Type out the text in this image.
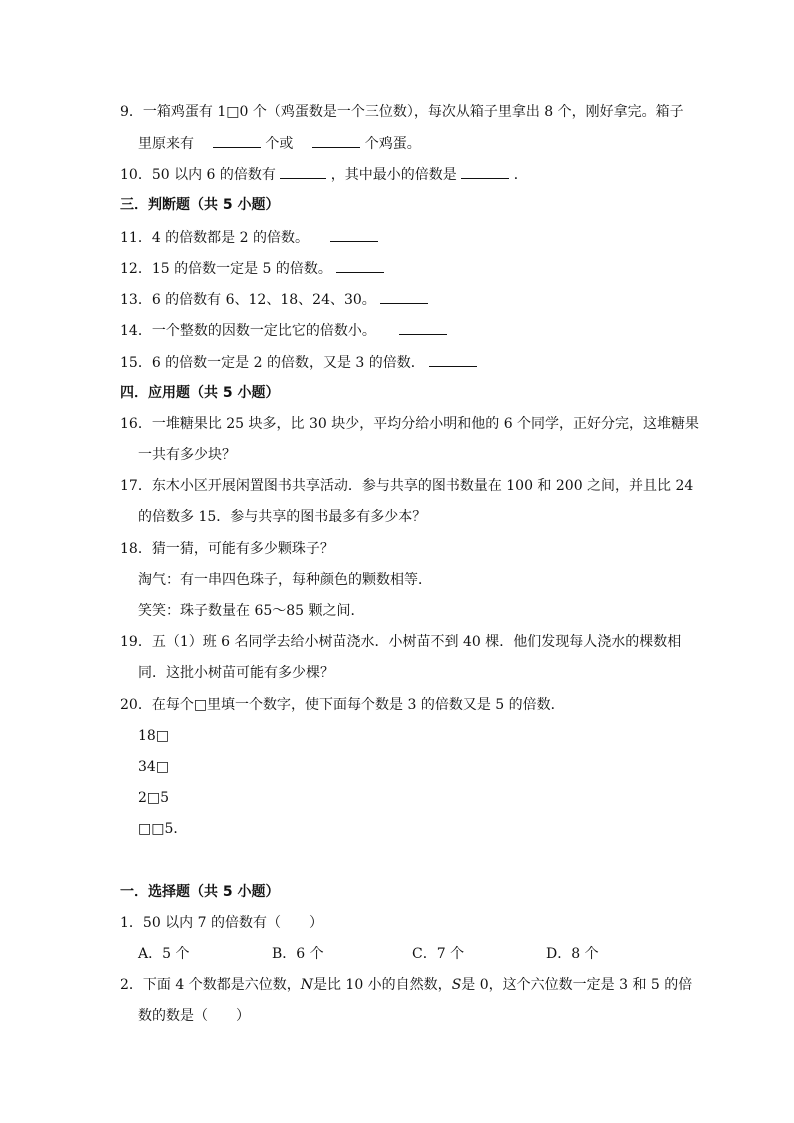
9．一箱鸡蛋有 1□0 个（鸡蛋数是一个三位数），每次从箱子里拿出 8 个，刚好拿完。箱子
里原来有	个或	个鸡蛋。
10．50 以内 6 的倍数有	，其中最小的倍数是	．
三．判断题（共 5 小题）
11．4 的倍数都是 2 的倍数。
12．15 的倍数一定是 5 的倍数。
13．6 的倍数有 6、12、18、24、30。
14．一个整数的因数一定比它的倍数小。
15．6 的倍数一定是 2 的倍数，又是 3 的倍数．
四．应用题（共 5 小题）
16．一堆糖果比 25 块多，比 30 块少，平均分给小明和他的 6 个同学，正好分完，这堆糖果
一共有多少块？
17．东木小区开展闲置图书共享活动．参与共享的图书数量在 100 和 200 之间，并且比 24
的倍数多 15．参与共享的图书最多有多少本？
18．猜一猜，可能有多少颗珠子？
淘气：有一串四色珠子，每种颜色的颗数相等．
笑笑：珠子数量在 65～85 颗之间．
19．五（1）班 6 名同学去给小树苗浇水．小树苗不到 40 棵．他们发现每人浇水的棵数相
同．这批小树苗可能有多少棵？
20．在每个□里填一个数字，使下面每个数是 3 的倍数又是 5 的倍数．
18□
34□
2□5
□□5．
一．选择题（共 5 小题）
1．50 以内 7 的倍数有（　　）
A．5 个	B．6 个	C．7 个	D．8 个
2．下面 4 个数都是六位数，N是比 10 小的自然数，S是 0，这个六位数一定是 3 和 5 的倍
数的数是（　　）
